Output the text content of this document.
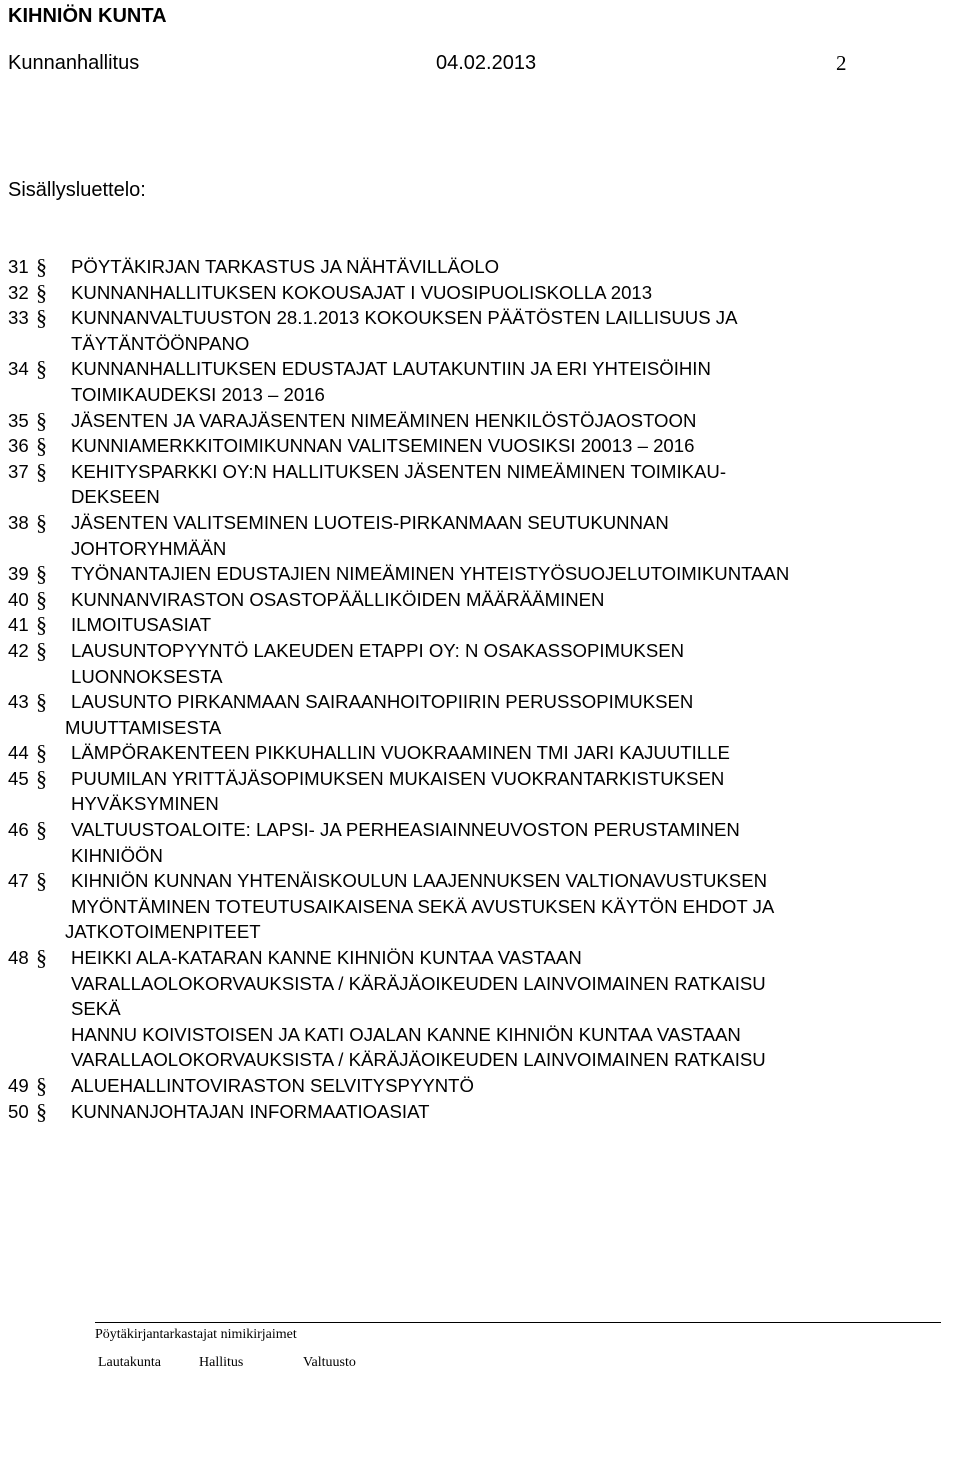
KIHNIÖN KUNTA
Kunnanhallitus	04.02.2013	2
Sisällysluettelo:
31 § PÖYTÄKIRJAN TARKASTUS JA NÄHTÄVILLÄOLO
32 § KUNNANHALLITUKSEN KOKOUSAJAT I VUOSIPUOLISKOLLA 2013
33 § KUNNANVALTUUSTON 28.1.2013 KOKOUKSEN PÄÄTÖSTEN LAILLISUUS JA
TÄYTÄNTÖÖNPANO
34 § KUNNANHALLITUKSEN EDUSTAJAT LAUTAKUNTIIN JA ERI YHTEISÖIHIN
TOIMIKAUDEKSI 2013 – 2016
35 § JÄSENTEN JA VARAJÄSENTEN NIMEÄMINEN HENKILÖSTÖJAOSTOON
36 § KUNNIAMERKKITOIMIKUNNAN VALITSEMINEN VUOSIKSI 20013 – 2016
37 § KEHITYSPARKKI OY:N HALLITUKSEN JÄSENTEN NIMEÄMINEN TOIMIKAU-
DEKSEEN
38 § JÄSENTEN VALITSEMINEN LUOTEIS-PIRKANMAAN SEUTUKUNNAN
JOHTORYHMÄÄN
39 § TYÖNANTAJIEN EDUSTAJIEN NIMEÄMINEN YHTEISTYÖSUOJELUTOIMIKUNTAAN
40 § KUNNANVIRASTON OSASTOPÄÄLLIKÖIDEN MÄÄRÄÄMINEN
41 § ILMOITUSASIAT
42 § LAUSUNTOPYYNTÖ LAKEUDEN ETAPPI OY: N OSAKASSOPIMUKSEN
LUONNOKSESTA
43 § LAUSUNTO PIRKANMAAN SAIRAANHOITOPIIRIN PERUSSOPIMUKSEN
MUUTTAMISESTA
44 § LÄMPÖRAKENTEEN PIKKUHALLIN VUOKRAAMINEN TMI JARI KAJUUTILLE
45 § PUUMILAN YRITTÄJÄSOPIMUKSEN MUKAISEN VUOKRANTARKISTUKSEN
HYVÄKSYMINEN
46 § VALTUUSTOALOITE: LAPSI- JA PERHEASIAINNEUVOSTON PERUSTAMINEN
KIHNIÖÖN
47 § KIHNIÖN KUNNAN YHTENÄISKOULUN LAAJENNUKSEN VALTIONAVUSTUKSEN
MYÖNTÄMINEN TOTEUTUSAIKAISENA SEKÄ AVUSTUKSEN KÄYTÖN EHDOT JA
JATKOTOIMENPITEET
48 § HEIKKI ALA-KATARAN KANNE KIHNIÖN KUNTAA VASTAAN
VARALLAOLOKORVAUKSISTA / KÄRÄJÄOIKEUDEN LAINVOIMAINEN RATKAISU
SEKÄ
HANNU KOIVISTOISEN JA KATI OJALAN KANNE KIHNIÖN KUNTAA VASTAAN
VARALLAOLOKORVAUKSISTA / KÄRÄJÄOIKEUDEN LAINVOIMAINEN RATKAISU
49 § ALUEHALLINTOVIRASTON SELVITYSPYYNTÖ
50 § KUNNANJOHTAJAN INFORMAATIOASIAT
Pöytäkirjantarkastajat nimikirjaimet
Lautakunta	Hallitus	Valtuusto
